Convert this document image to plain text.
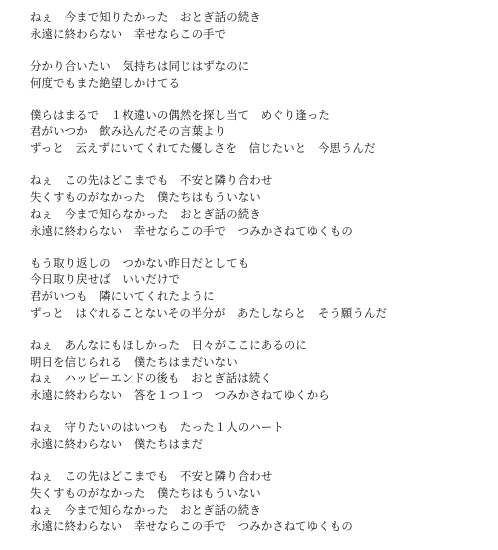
ねぇ　今まで知りたかった　おとぎ話の続き
永遠に終わらない　幸せならこの手で
分かり合いたい　気持ちは同じはずなのに
何度でもまた絶望しかけてる
僕らはまるで　１枚違いの偶然を探し当て　めぐり逢った
君がいつか　飲み込んだその言葉より
ずっと　云えずにいてくれてた優しさを　信じたいと　今思うんだ
ねぇ　この先はどこまでも　不安と隣り合わせ
失くすものがなかった　僕たちはもういない
ねぇ　今まで知らなかった　おとぎ話の続き
永遠に終わらない　幸せならこの手で　つみかさねてゆくもの
もう取り返しの　つかない昨日だとしても
今日取り戻せば　いいだけで
君がいつも　隣にいてくれたように
ずっと　はぐれることないその半分が　あたしならと　そう願うんだ
ねぇ　あんなにもほしかった　日々がここにあるのに
明日を信じられる　僕たちはまだいない
ねぇ　ハッピーエンドの後も　おとぎ話は続く
永遠に終わらない　答を１つ１つ　つみかさねてゆくから
ねぇ　守りたいのはいつも　たった１人のハート
永遠に終わらない　僕たちはまだ
ねぇ　この先はどこまでも　不安と隣り合わせ
失くすものがなかった　僕たちはもういない
ねぇ　今まで知らなかった　おとぎ話の続き
永遠に終わらない　幸せならこの手で　つみかさねてゆくもの
